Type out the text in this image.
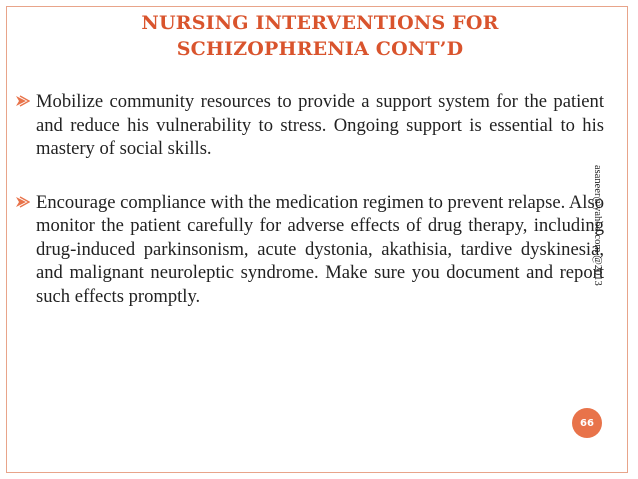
NURSING INTERVENTIONS FOR
SCHIZOPHRENIA CONT’D

Mobilize community resources to provide a support system for the patient and reduce his vulnerability to stress. Ongoing support is essential to his mastery of social skills.

Encourage compliance with the medication regimen to prevent relapse. Also monitor the patient carefully for adverse effects of drug therapy, including drug-induced parkinsonism, acute dystonia, akathisia, tardive dyskinesia, and malignant neuroleptic syndrome. Make sure you document and report such effects promptly.

asaneer@yahoo.com @2013
66
